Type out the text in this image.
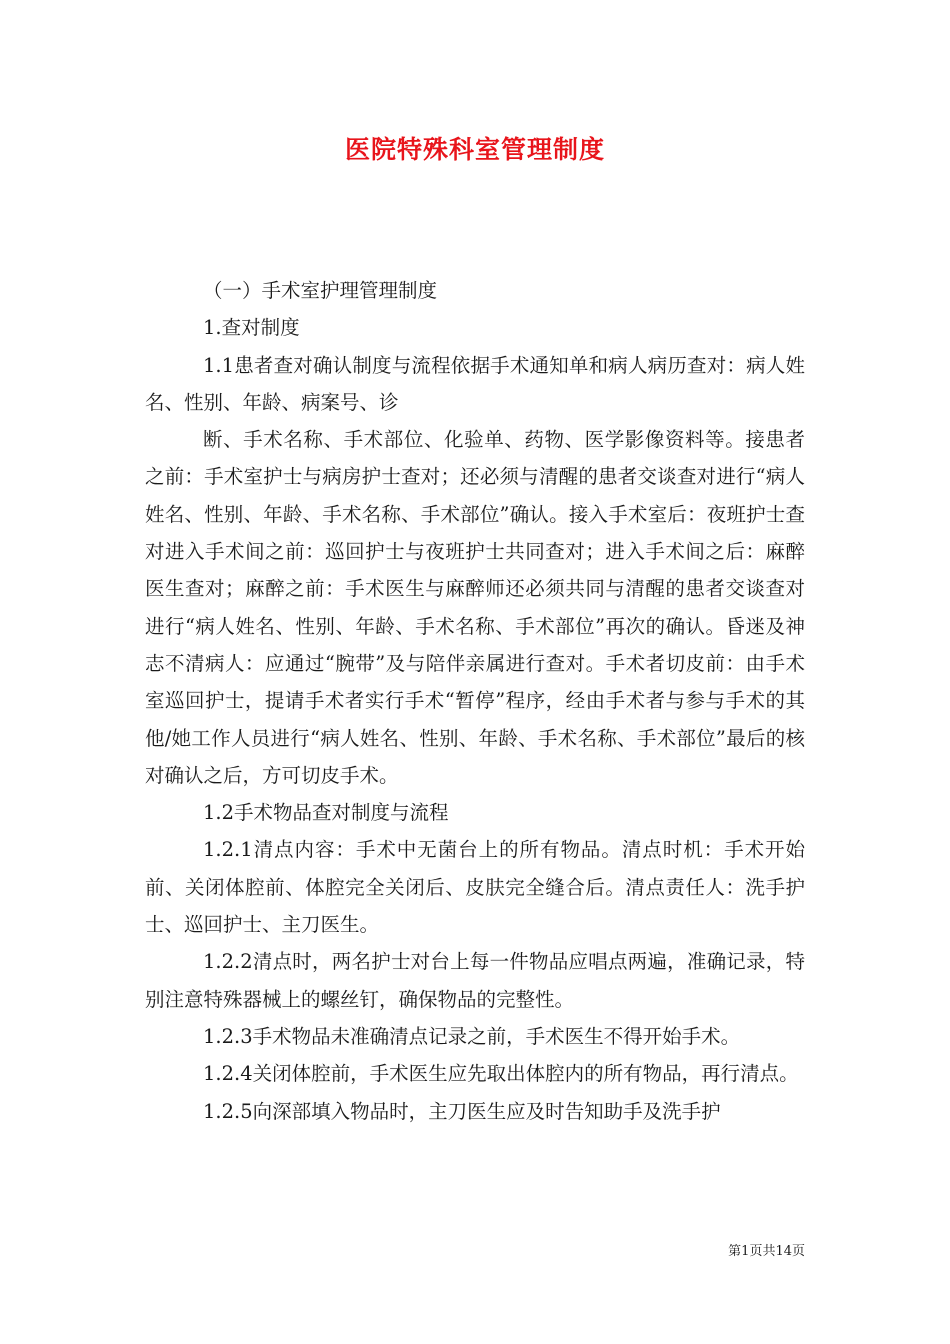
医院特殊科室管理制度

（一）手术室护理管理制度

1.查对制度

1.1患者查对确认制度与流程依据手术通知单和病人病历查对：病人姓名、性别、年龄、病案号、诊

断、手术名称、手术部位、化验单、药物、医学影像资料等。接患者之前：手术室护士与病房护士查对；还必须与清醒的患者交谈查对进行“病人姓名、性别、年龄、手术名称、手术部位”确认。接入手术室后：夜班护士查对进入手术间之前：巡回护士与夜班护士共同查对；进入手术间之后：麻醉医生查对；麻醉之前：手术医生与麻醉师还必须共同与清醒的患者交谈查对进行“病人姓名、性别、年龄、手术名称、手术部位”再次的确认。昏迷及神志不清病人：应通过“腕带”及与陪伴亲属进行查对。手术者切皮前：由手术室巡回护士，提请手术者实行手术“暂停”程序，经由手术者与参与手术的其他/她工作人员进行“病人姓名、性别、年龄、手术名称、手术部位”最后的核对确认之后，方可切皮手术。

1.2手术物品查对制度与流程

1.2.1清点内容：手术中无菌台上的所有物品。清点时机：手术开始前、关闭体腔前、体腔完全关闭后、皮肤完全缝合后。清点责任人：洗手护士、巡回护士、主刀医生。

1.2.2清点时，两名护士对台上每一件物品应唱点两遍，准确记录，特别注意特殊器械上的螺丝钉，确保物品的完整性。

1.2.3手术物品未准确清点记录之前，手术医生不得开始手术。

1.2.4关闭体腔前，手术医生应先取出体腔内的所有物品，再行清点。

1.2.5向深部填入物品时，主刀医生应及时告知助手及洗手护

第1页共14页
